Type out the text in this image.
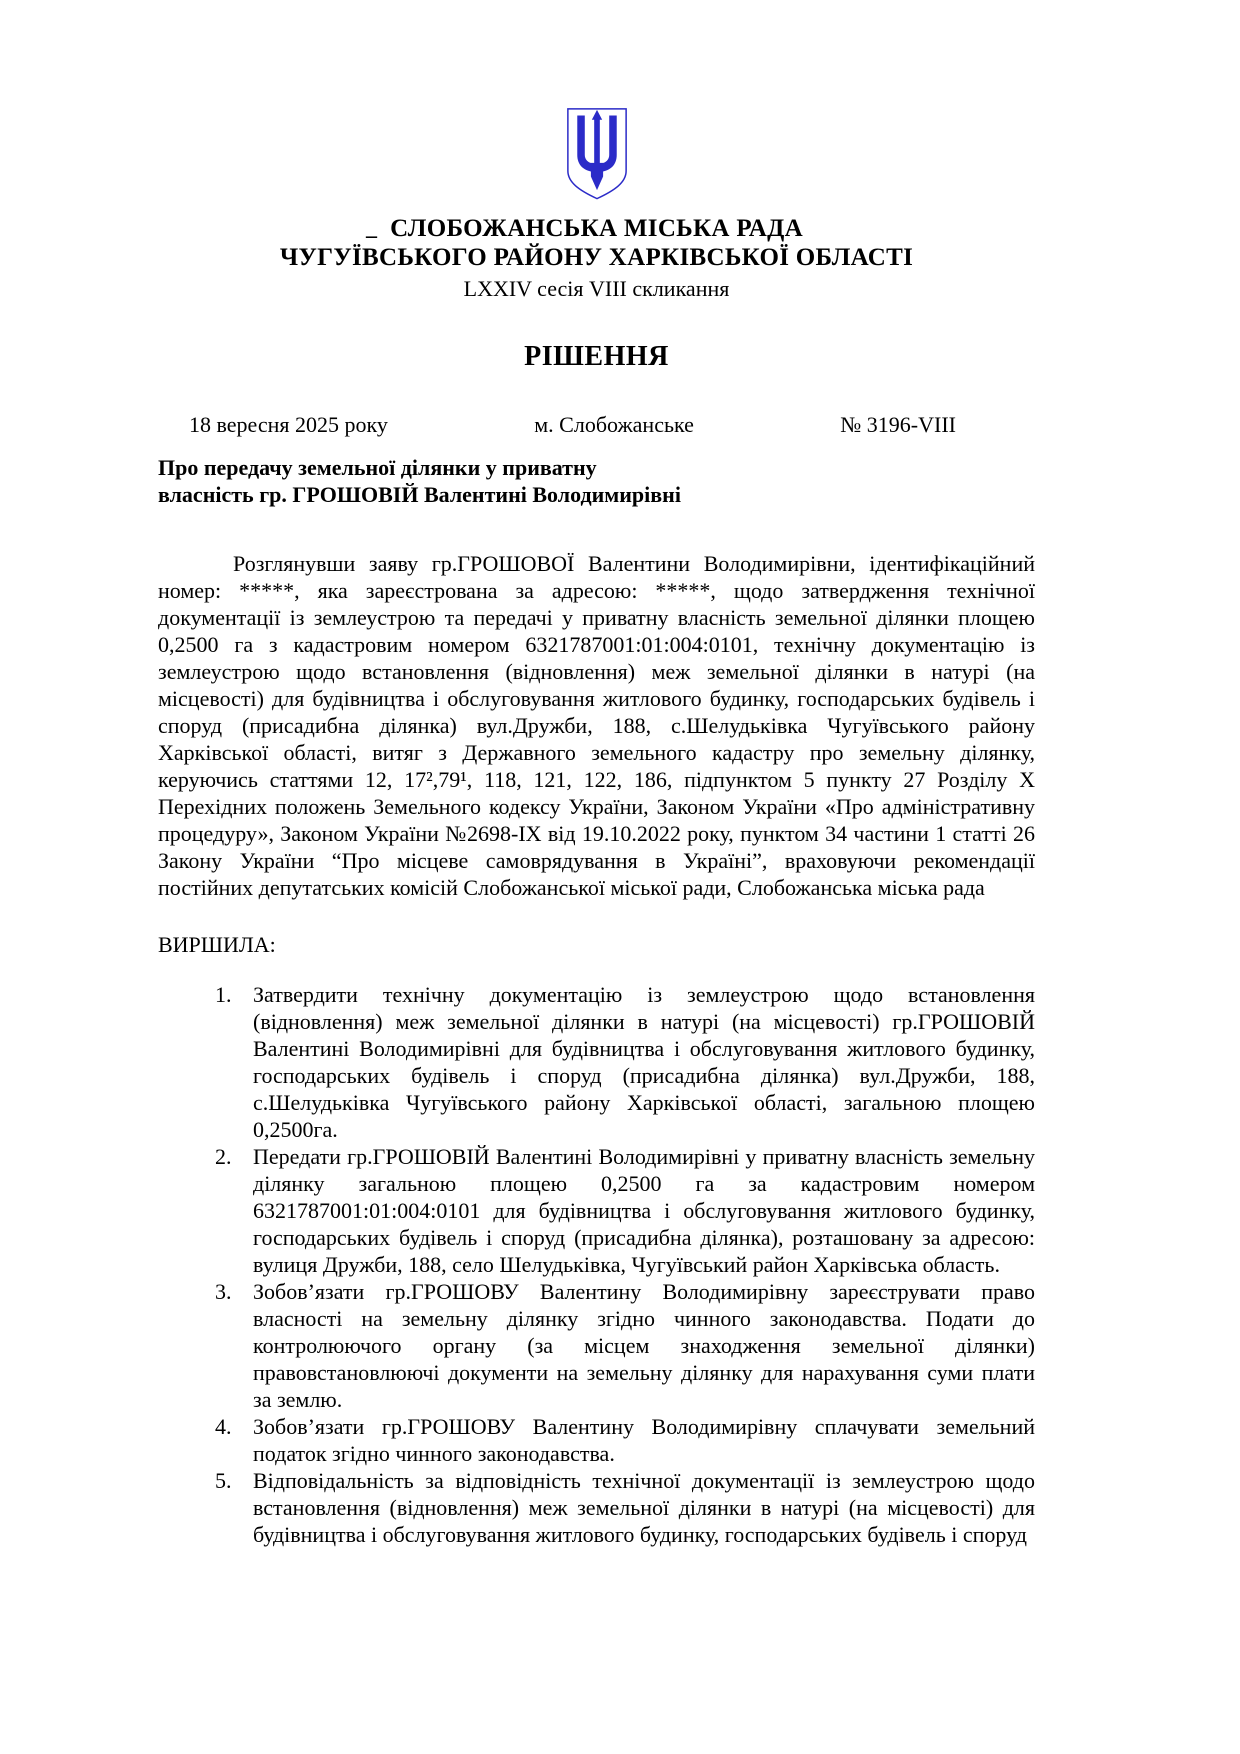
_ СЛОБОЖАНСЬКА МІСЬКА РАДА
ЧУГУЇВСЬКОГО РАЙОНУ ХАРКІВСЬКОЇ ОБЛАСТІ
LXXIV сесія VIII скликання
РІШЕННЯ
18 вересня 2025 року	м. Слобожанське	№ 3196-VIII
Про передачу земельної ділянки у приватну
власність гр. ГРОШОВІЙ Валентині Володимирівні
Розглянувши заяву гр.ГРОШОВОЇ Валентини Володимирівни, ідентифікаційний номер: *****, яка зареєстрована за адресою: *****, щодо затвердження технічної документації із землеустрою та передачі у приватну власність земельної ділянки площею 0,2500 га з кадастровим номером 6321787001:01:004:0101, технічну документацію із землеустрою щодо встановлення (відновлення) меж земельної ділянки в натурі (на місцевості) для будівництва і обслуговування житлового будинку, господарських будівель і споруд (присадибна ділянка) вул.Дружби, 188, с.Шелудьківка Чугуївського району Харківської області, витяг з Державного земельного кадастру про земельну ділянку, керуючись статтями 12, 17²,79¹, 118, 121, 122, 186, підпунктом 5 пункту 27 Розділу X Перехідних положень Земельного кодексу України, Законом України «Про адміністративну процедуру», Законом України №2698-IX від 19.10.2022 року, пунктом 34 частини 1 статті 26 Закону України “Про місцеве самоврядування в Україні”, враховуючи рекомендації постійних депутатських комісій Слобожанської міської ради, Слобожанська міська рада
ВИРШИЛА:
1. Затвердити технічну документацію із землеустрою щодо встановлення (відновлення) меж земельної ділянки в натурі (на місцевості) гр.ГРОШОВІЙ Валентині Володимирівні для будівництва і обслуговування житлового будинку, господарських будівель і споруд (присадибна ділянка) вул.Дружби, 188, с.Шелудьківка Чугуївського району Харківської області, загальною площею 0,2500га.
2. Передати гр.ГРОШОВІЙ Валентині Володимирівні у приватну власність земельну ділянку загальною площею 0,2500 га за кадастровим номером 6321787001:01:004:0101 для будівництва і обслуговування житлового будинку, господарських будівель і споруд (присадибна ділянка), розташовану за адресою: вулиця Дружби, 188, село Шелудьківка, Чугуївський район Харківська область.
3. Зобов’язати гр.ГРОШОВУ Валентину Володимирівну зареєструвати право власності на земельну ділянку згідно чинного законодавства. Подати до контролюючого органу (за місцем знаходження земельної ділянки) правовстановлюючі документи на земельну ділянку для нарахування суми плати за землю.
4. Зобов’язати гр.ГРОШОВУ Валентину Володимирівну сплачувати земельний податок згідно чинного законодавства.
5. Відповідальність за відповідність технічної документації із землеустрою щодо встановлення (відновлення) меж земельної ділянки в натурі (на місцевості) для будівництва і обслуговування житлового будинку, господарських будівель і споруд
